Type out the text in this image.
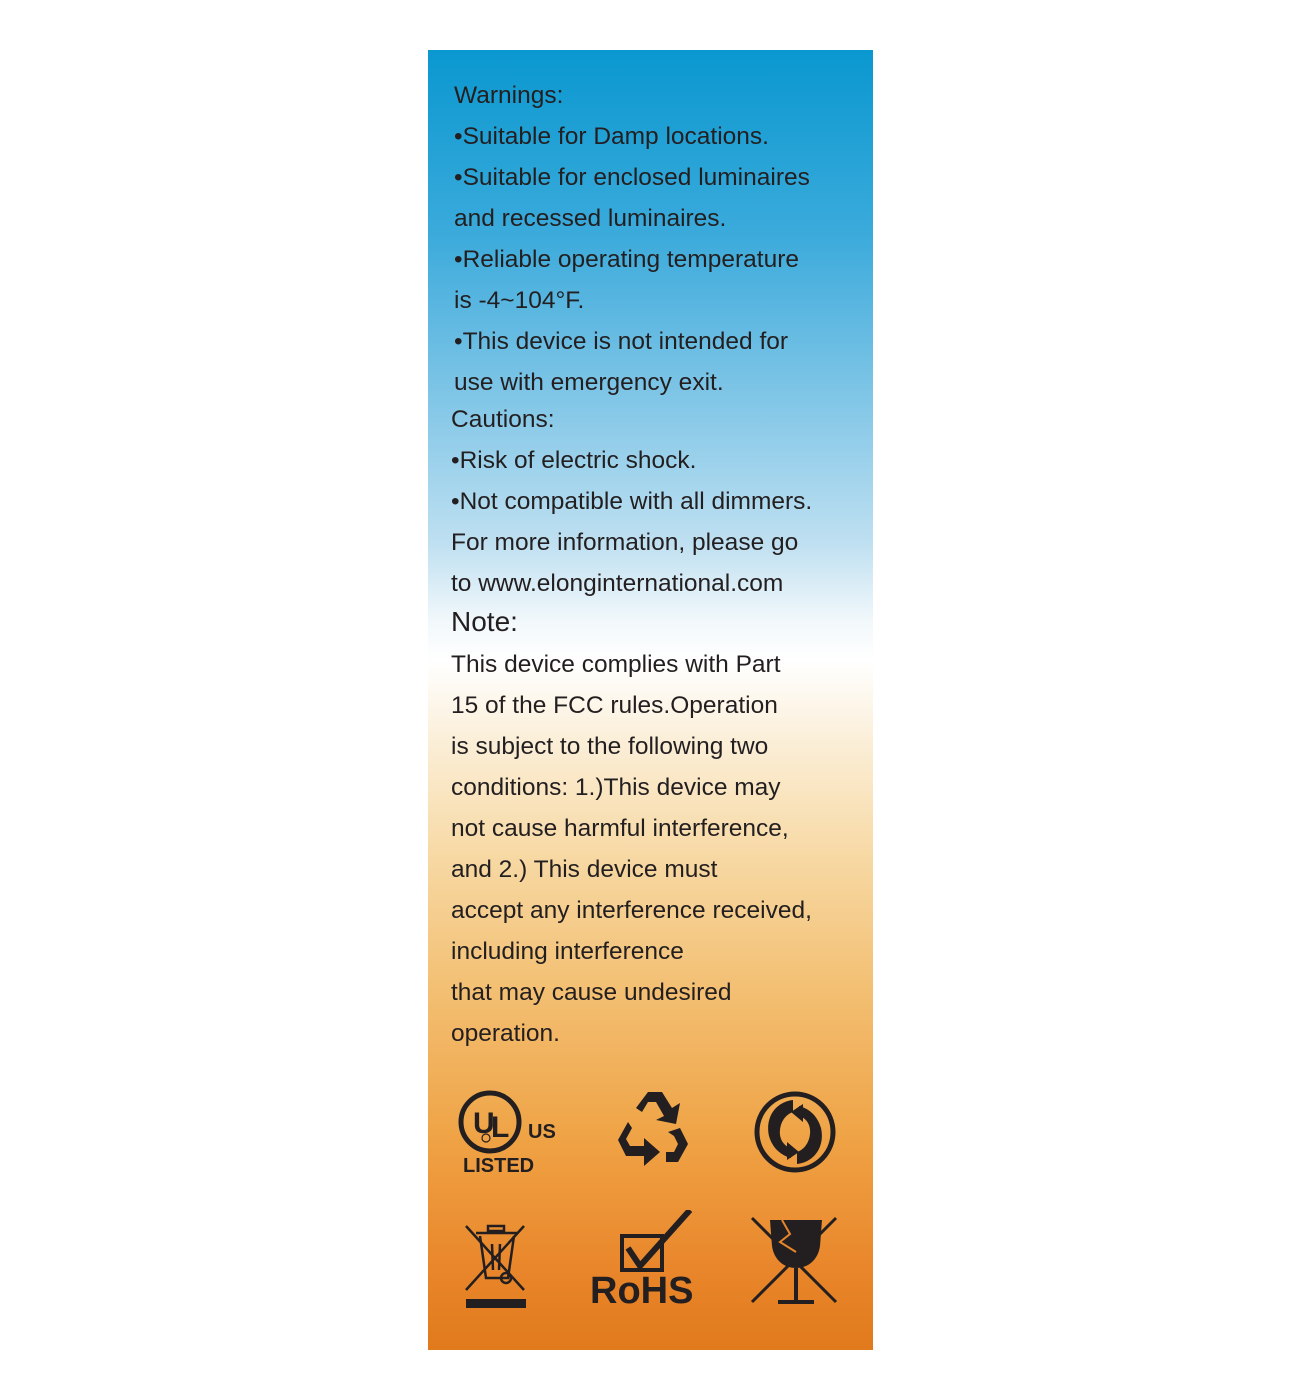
Warnings:
•Suitable for Damp locations.
•Suitable for enclosed luminaires
and recessed luminaires.
•Reliable operating temperature
is -4~104°F.
•This device is not intended for
use with emergency exit.
Cautions:
•Risk of electric shock.
•Not compatible with all dimmers.
For more information, please go
to www.elonginternational.com
Note:
This device complies with Part
15 of the FCC rules.Operation
is subject to the following two
conditions: 1.)This device may
not cause harmful interference,
and 2.) This device must
accept any interference received,
including interference
that may cause undesired
operation.
U
L US
LISTED
RoHS
